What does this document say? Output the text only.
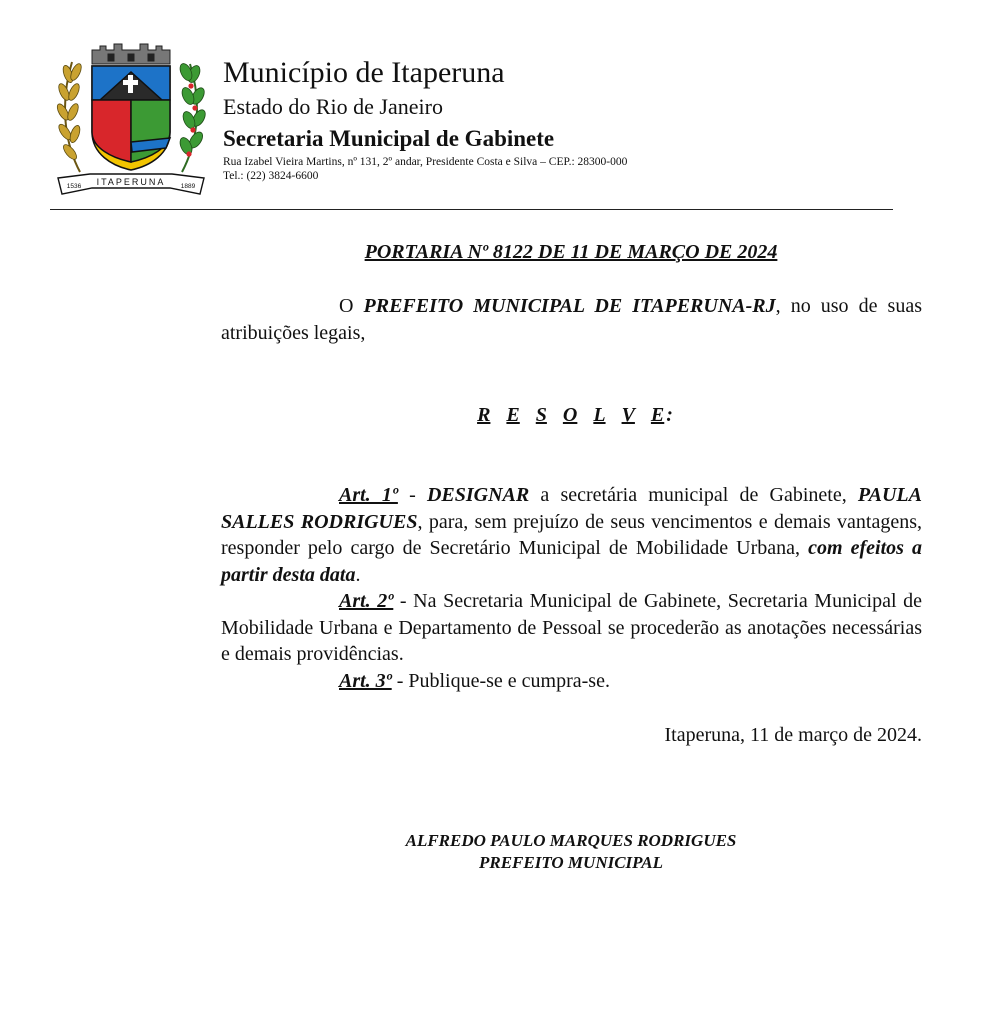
ITAPERUNA
1536	1889
Município de Itaperuna
Estado do Rio de Janeiro
Secretaria Municipal de Gabinete
Rua Izabel Vieira Martins, nº 131, 2º andar, Presidente Costa e Silva – CEP.: 28300-000
Tel.: (22) 3824-6600
PORTARIA Nº 8122 DE 11 DE MARÇO DE 2024
O PREFEITO MUNICIPAL DE ITAPERUNA-RJ, no uso de suas atribuições legais,
R E S O L V E :

Art. 1º - DESIGNAR a secretária municipal de Gabinete, PAULA SALLES RODRIGUES, para, sem prejuízo de seus vencimentos e demais vantagens, responder pelo cargo de Secretário Municipal de Mobilidade Urbana, com efeitos a partir desta data.

Art. 2º - Na Secretaria Municipal de Gabinete, Secretaria Municipal de Mobilidade Urbana e Departamento de Pessoal se procederão as anotações necessárias e demais providências.

Art. 3º - Publique-se e cumpra-se.

Itaperuna, 11 de março de 2024.
ALFREDO PAULO MARQUES RODRIGUES
PREFEITO MUNICIPAL
